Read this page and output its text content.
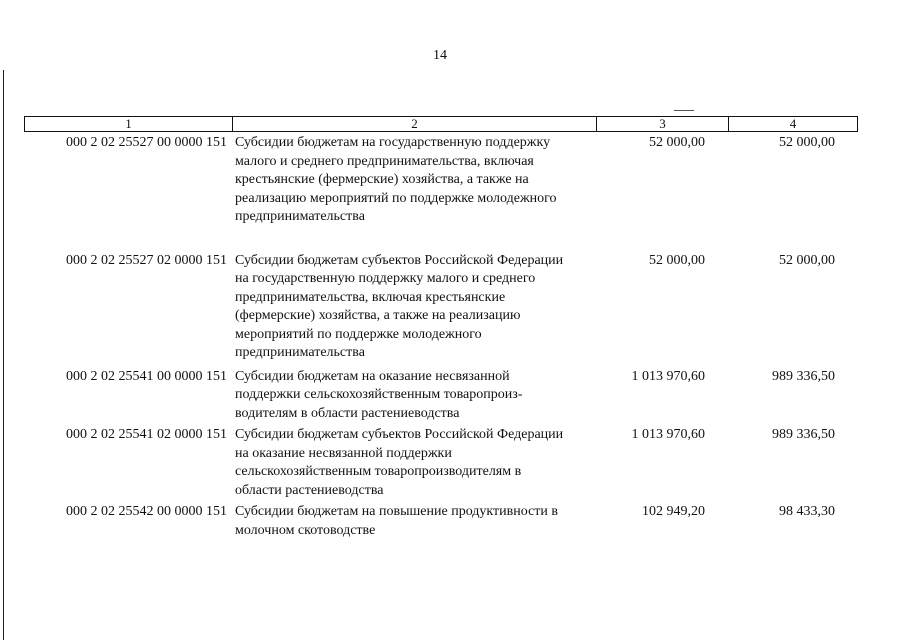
14
1	2	3	4
000 2 02 25527 00 0000 151 Субсидии бюджетам на государственную поддержку
малого и среднего предпринимательства, включая
крестьянские (фермерские) хозяйства, а также на
реализацию мероприятий по поддержке молодежного
предпринимательства
52 000,00	52 000,00
000 2 02 25527 02 0000 151 Субсидии бюджетам субъектов Российской Федерации
на государственную поддержку малого и среднего
предпринимательства, включая крестьянские
(фермерские) хозяйства, а также на реализацию
мероприятий по поддержке молодежного
предпринимательства
52 000,00	52 000,00
000 2 02 25541 00 0000 151 Субсидии бюджетам на оказание несвязанной
поддержки сельскохозяйственным товаропроиз-
водителям в области растениеводства
1 013 970,60	989 336,50
000 2 02 25541 02 0000 151 Субсидии бюджетам субъектов Российской Федерации
на оказание несвязанной поддержки
сельскохозяйственным товаропроизводителям в
области растениеводства
1 013 970,60	989 336,50
000 2 02 25542 00 0000 151 Субсидии бюджетам на повышение продуктивности в
молочном скотоводстве
102 949,20	98 433,30
